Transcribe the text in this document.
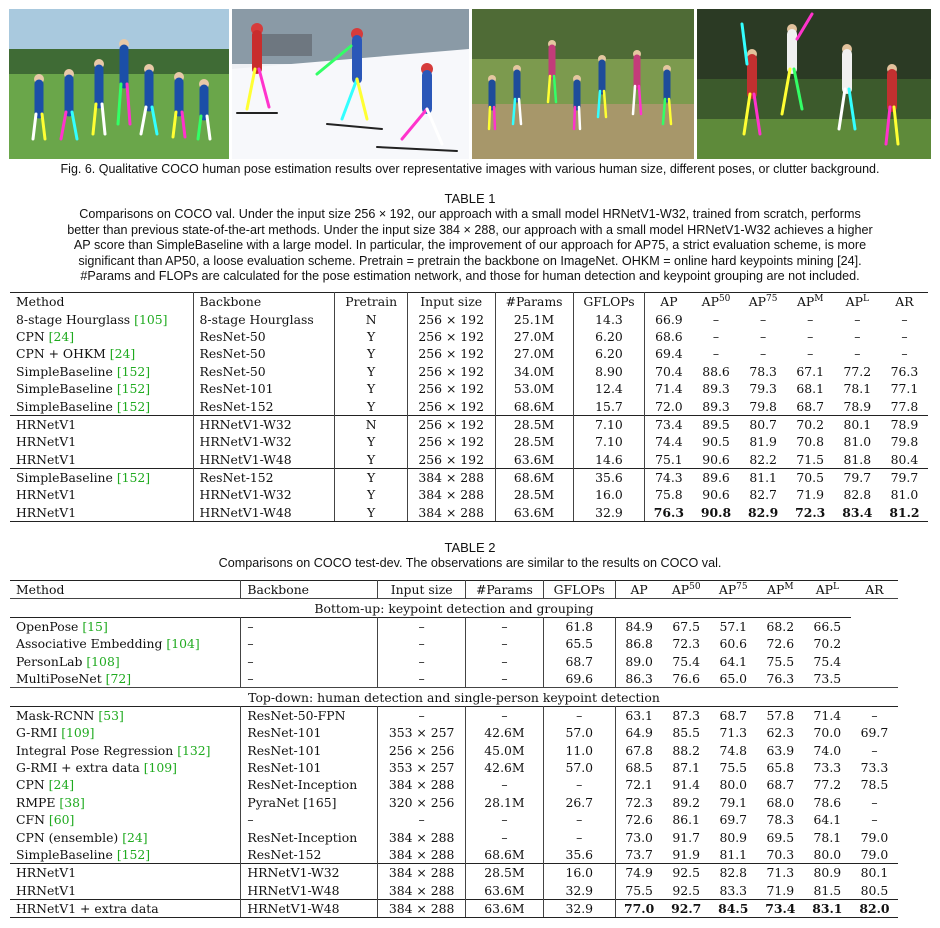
Fig. 6. Qualitative COCO human pose estimation results over representative images with various human size, different poses, or clutter background.
TABLE 1
Comparisons on COCO val. Under the input size 256 × 192, our approach with a small model HRNetV1-W32, trained from scratch, performs
better than previous state-of-the-art methods. Under the input size 384 × 288, our approach with a small model HRNetV1-W32 achieves a higher
AP score than SimpleBaseline with a large model. In particular, the improvement of our approach for AP75, a strict evaluation scheme, is more
significant than AP50, a loose evaluation scheme. Pretrain = pretrain the backbone on ImageNet. OHKM = online hard keypoints mining [24].
#Params and FLOPs are calculated for the pose estimation network, and those for human detection and keypoint grouping are not included.
Method	Backbone	Pretrain	Input size	#Params	GFLOPs	AP	AP$^{50}$	AP$^{75}$	$AP^M$	$AP^L$	AR
8-stage Hourglass [105]	8-stage Hourglass	N	256 × 192	25.1M	14.3	66.9	–	–	–	–	–
CPN [24]	ResNet-50	Y	256 × 192	27.0M	6.20	68.6	–	–	–	–	–
CPN + OHKM [24]	ResNet-50	Y	256 × 192	27.0M	6.20	69.4	–	–	–	–	–
SimpleBaseline [152]	ResNet-50	Y	256 × 192	34.0M	8.90	70.4	88.6	78.3	67.1	77.2	76.3
SimpleBaseline [152]	ResNet-101	Y	256 × 192	53.0M	12.4	71.4	89.3	79.3	68.1	78.1	77.1
SimpleBaseline [152]	ResNet-152	Y	256 × 192	68.6M	15.7	72.0	89.3	79.8	68.7	78.9	77.8
HRNetV1	HRNetV1-W32	N	256 × 192	28.5M	7.10	73.4	89.5	80.7	70.2	80.1	78.9
HRNetV1	HRNetV1-W32	Y	256 × 192	28.5M	7.10	74.4	90.5	81.9	70.8	81.0	79.8
HRNetV1	HRNetV1-W48	Y	256 × 192	63.6M	14.6	75.1	90.6	82.2	71.5	81.8	80.4
SimpleBaseline [152]	ResNet-152	Y	384 × 288	68.6M	35.6	74.3	89.6	81.1	70.5	79.7	79.7
HRNetV1	HRNetV1-W32	Y	384 × 288	28.5M	16.0	75.8	90.6	82.7	71.9	82.8	81.0
HRNetV1	HRNetV1-W48	Y	384 × 288	63.6M	32.9	76.3	90.8	82.9	72.3	83.4	81.2
TABLE 2
Comparisons on COCO test-dev. The observations are similar to the results on COCO val.
Method	Backbone	Input size	#Params	GFLOPs	AP	AP$^{50}$	AP$^{75}$	$AP^M$	$AP^L$	AR
Bottom-up: keypoint detection and grouping										
OpenPose [15]	–	–	–	61.8	84.9	67.5	57.1	68.2	66.5	
Associative Embedding [104]	–	–	–	65.5	86.8	72.3	60.6	72.6	70.2	
PersonLab [108]	–	–	–	68.7	89.0	75.4	64.1	75.5	75.4	
MultiPoseNet [72]	–	–	–	69.6	86.3	76.6	65.0	76.3	73.5	
Top-down: human detection and single-person keypoint detection										
Mask-RCNN [53]	ResNet-50-FPN	–	–	–	63.1	87.3	68.7	57.8	71.4	–
G-RMI [109]	ResNet-101	353 × 257	42.6M	57.0	64.9	85.5	71.3	62.3	70.0	69.7
Integral Pose Regression [132]	ResNet-101	256 × 256	45.0M	11.0	67.8	88.2	74.8	63.9	74.0	–
G-RMI + extra data [109]	ResNet-101	353 × 257	42.6M	57.0	68.5	87.1	75.5	65.8	73.3	73.3
CPN [24]	ResNet-Inception	384 × 288	–	–	72.1	91.4	80.0	68.7	77.2	78.5
RMPE [38]	PyraNet [165]	320 × 256	28.1M	26.7	72.3	89.2	79.1	68.0	78.6	–
CFN [60]	–	–	–	–	72.6	86.1	69.7	78.3	64.1	–
CPN (ensemble) [24]	ResNet-Inception	384 × 288	–	–	73.0	91.7	80.9	69.5	78.1	79.0
SimpleBaseline [152]	ResNet-152	384 × 288	68.6M	35.6	73.7	91.9	81.1	70.3	80.0	79.0
HRNetV1	HRNetV1-W32	384 × 288	28.5M	16.0	74.9	92.5	82.8	71.3	80.9	80.1
HRNetV1	HRNetV1-W48	384 × 288	63.6M	32.9	75.5	92.5	83.3	71.9	81.5	80.5
HRNetV1 + extra data	HRNetV1-W48	384 × 288	63.6M	32.9	77.0	92.7	84.5	73.4	83.1	82.0
